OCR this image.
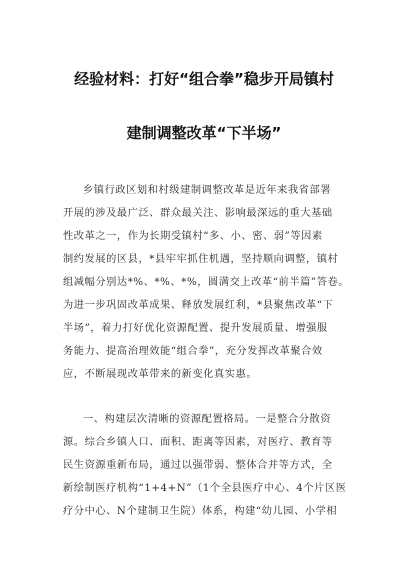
经验材料：打好“组合拳”稳步开局镇村
建制调整改革“下半场”
乡镇行政区划和村级建制调整改革是近年来我省部署
开展的涉及最广泛、群众最关注、影响最深远的重大基础
性改革之一，作为长期受镇村“多、小、密、弱”等因素
制约发展的区县，*县牢牢抓住机遇，坚持顺向调整，镇村
组减幅分别达*%、*%、*%，圆满交上改革“前半篇”答卷。
为进一步巩固改革成果、释放发展红利，*县聚焦改革“下
半场”，着力打好优化资源配置、提升发展质量、增强服
务能力、提高治理效能“组合拳”，充分发挥改革聚合效
应，不断展现改革带来的新变化真实惠。
一、构建层次清晰的资源配置格局。一是整合分散资
源。综合乡镇人口、面积、距离等因素，对医疗、教育等
民生资源重新布局，通过以强带弱、整体合并等方式，全
新绘制医疗机构“1+4+N”（1个全县医疗中心、4个片区医
疗分中心、N个建制卫生院）体系，构建“幼儿园、小学相
